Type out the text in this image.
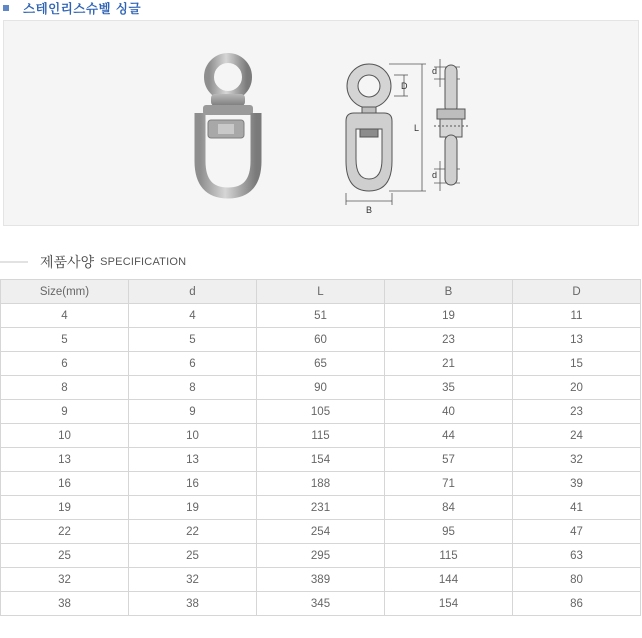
스테인리스슈벨 싱글
D
L
B
d
d
제품사양 SPECIFICATION
Size(mm)	d	L	B	D
4	4	51	19	11
5	5	60	23	13
6	6	65	21	15
8	8	90	35	20
9	9	105	40	23
10	10	115	44	24
13	13	154	57	32
16	16	188	71	39
19	19	231	84	41
22	22	254	95	47
25	25	295	115	63
32	32	389	144	80
38	38	345	154	86
